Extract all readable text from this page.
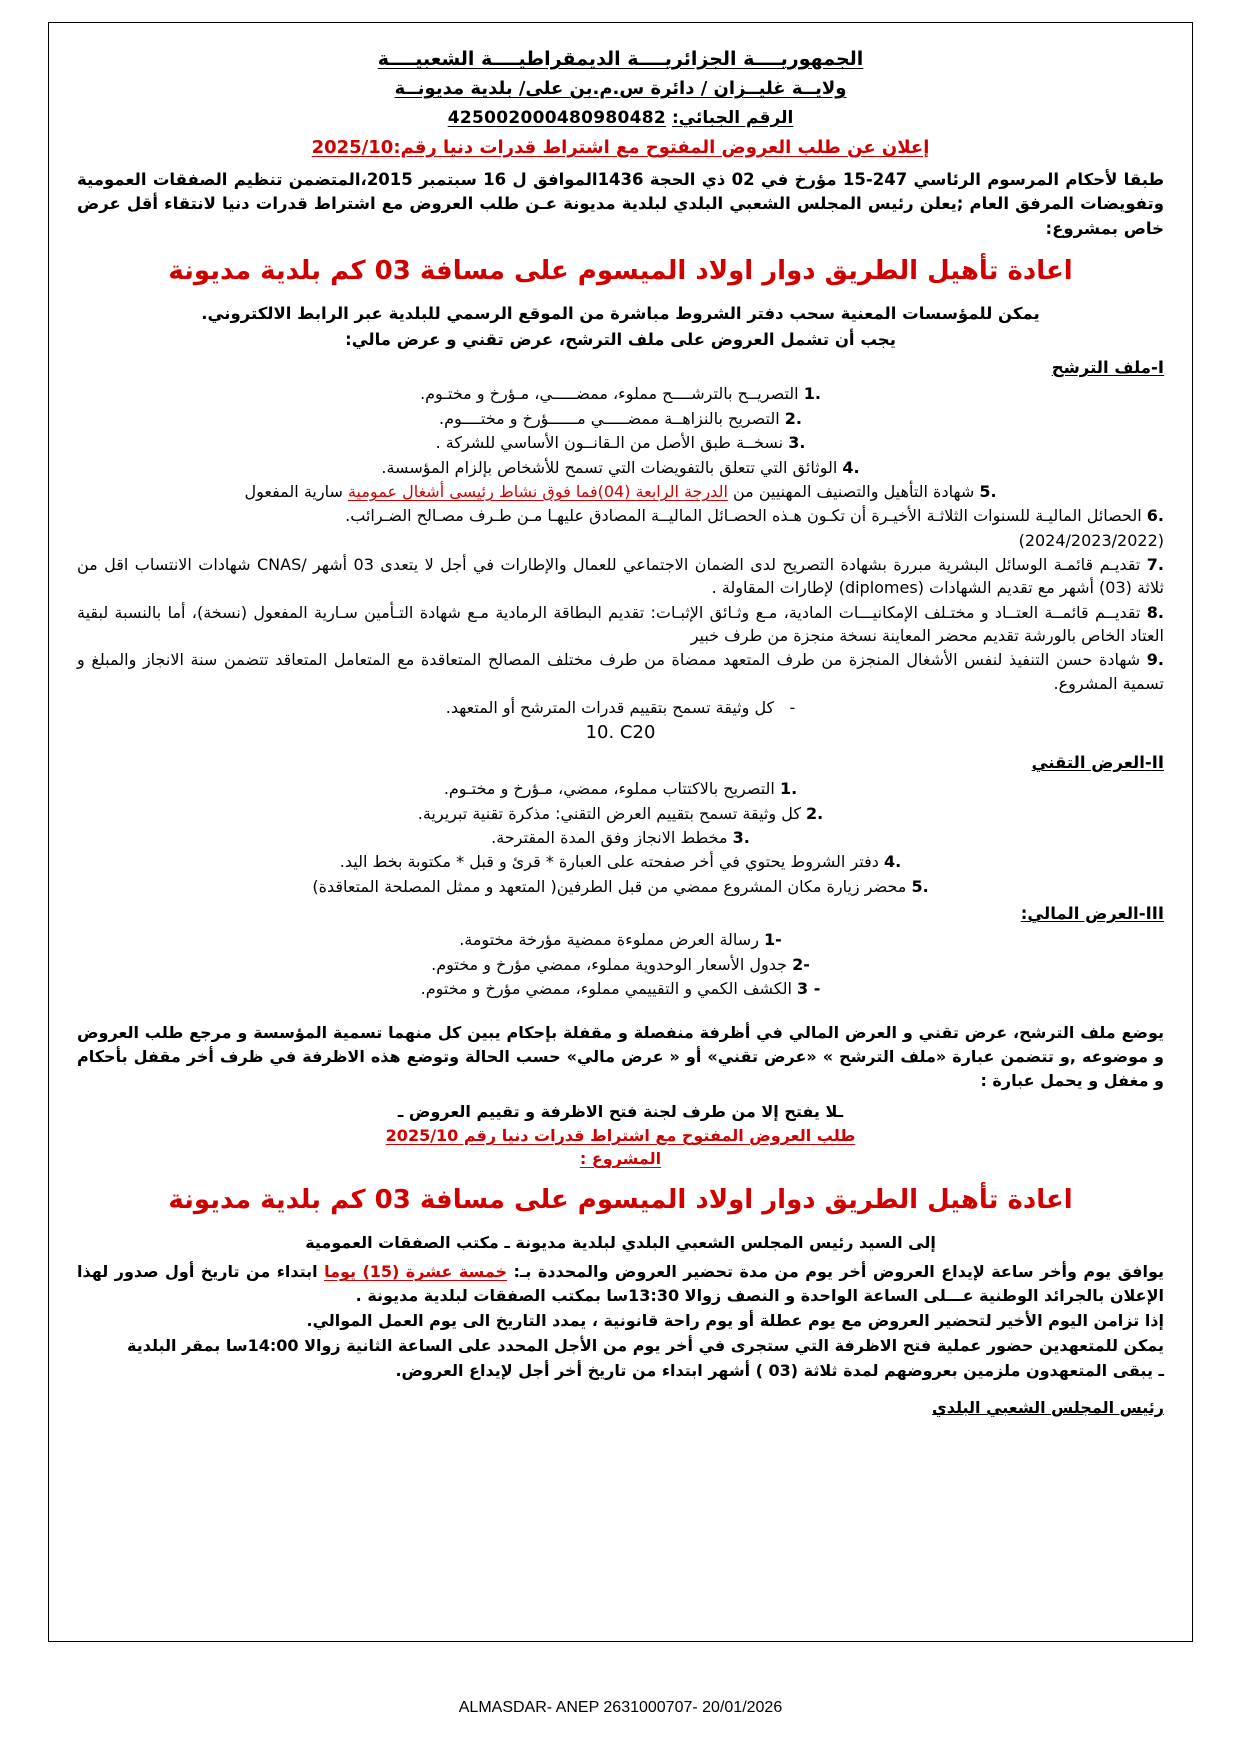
الجمهوريــــة الجزائريــــة الديمقراطيــــة الشعبيــــة
ولايــة غليــزان / دائرة س.م.بن على/ بلدية مديونــة
الرقم الجبائي: 425002000480980482
إعلان عن طلب العروض المفتوح مع اشتراط قدرات دنيا رقم:2025/10

طبقا لأحكام المرسوم الرئاسي 247-15 مؤرخ في 02 ذي الحجة 1436الموافق ل 16 سبتمبر 2015،المتضمن تنظيم الصفقات العمومية وتفويضات المرفق العام ;يعلن رئيس المجلس الشعبي البلدي لبلدية مديونة عـن طلب العروض مع اشتراط قدرات دنيا لانتقاء أقل عرض خاص بمشروع:

اعادة تأهيل الطريق دوار اولاد الميسوم على مسافة 03 كم بلدية مديونة

يمكن للمؤسسات المعنية سحب دفتر الشروط مباشرة من الموقع الرسمي للبلدية عبر الرابط الالكتروني.

يجب أن تشمل العروض على ملف الترشح، عرض تقني و عرض مالي:

I-ملف الترشح
1. التصريــح بالترشــــح مملوء، ممضـــــي، مـؤرخ و مختـوم.
2. التصريح بالنزاهــة ممضـــــي مــــــؤرخ و مختــــوم.
3. نسخــة طبق الأصل من الـقانــون الأساسي للشركة .
4. الوثائق التي تتعلق بالتفويضات التي تسمح للأشخاص بإلزام المؤسسة.
5. شهادة التأهيل والتصنيف المهنيين من الدرجة الرابعة (04)فما فوق نشاط رئيسى أشغال عمومية سارية المفعول
6. الحصائل الماليـة للسنوات الثلاثـة الأخيـرة أن تكـون هـذه الحصـائل الماليــة المصادق عليهـا مـن طـرف مصـالح الضـرائب.
(2024/2023/2022)
7. تقديـم قائمـة الوسائل البشرية مبررة بشهادة التصريح لدى الضمان الاجتماعي للعمال والإطارات في أجل لا يتعدى 03 أشهر /CNAS شهادات الانتساب اقل من ثلاثة (03) أشهر مع تقديم الشهادات (diplomes) لإطارات المقاولة .
8. تقديــم قائمــة العتــاد و مختـلف الإمكانيـــات المادية، مـع وثـائق الإثبـات: تقديم البطاقة الرمادية مـع شهادة التـأمين سـارية المفعول (نسخة)، أما بالنسبة لبقية العتاد الخاص بالورشة تقديم محضر المعاينة نسخة منجزة من طرف خبير
9. شهادة حسن التنفيذ لنفس الأشغال المنجزة من طرف المتعهد ممضاة من طرف مختلف المصالح المتعاقدة مع المتعامل المتعاقد تتضمن سنة الانجاز والمبلغ و تسمية المشروع.
-   كل وثيقة تسمح بتقييم قدرات المترشح أو المتعهد.
10. C20
II-العرض التقني
1. التصريح بالاكتتاب مملوء، ممضي، مـؤرخ و مختـوم.
2. كل وثيقة تسمح بتقييم العرض التقني: مذكرة تقنية تبريرية.
3. مخطط الانجاز وفق المدة المقترحة.
4. دفتر الشروط يحتوي في أخر صفحته على العبارة * قرئ و قبل * مكتوبة بخط اليد.
5. محضر زيارة مكان المشروع ممضي من قبل الطرفين( المتعهد و ممثل المصلحة المتعاقدة)
III-العرض المالي:
1- رسالة العرض مملوءة ممضية مؤرخة مختومة.
2- جدول الأسعار الوحدوية مملوء، ممضي مؤرخ و مختوم.
3 - الكشف الكمي و التقييمي مملوء، ممضي مؤرخ و مختوم.

يوضع ملف الترشح، عرض تقني و العرض المالي في أظرفة منفصلة و مقفلة بإحكام يبين كل منهما تسمية المؤسسة و مرجع طلب العروض و موضوعه ,و تتضمن عبارة «ملف الترشح » «عرض تقني» أو « عرض مالي» حسب الحالة وتوضع هذه الاظرفة في ظرف أخر مقفل بأحكام و مغفل و يحمل عبارة :

ـلا يفتح إلا من طرف لجنة فتح الاظرفة و تقييم العروض ـ
طلب العروض المفتوح مع اشتراط قدرات دنيا رقم 2025/10
المشروع :
اعادة تأهيل الطريق دوار اولاد الميسوم على مسافة 03 كم بلدية مديونة
إلى السيد رئيس المجلس الشعبي البلدي لبلدية مديونة ـ مكتب الصفقات العمومية

يوافق يوم وأخر ساعة لإيداع العروض أخر يوم من مدة تحضير العروض والمحددة بـ: خمسة عشرة (15) يوما ابتداء من تاريخ أول صدور لهذا الإعلان بالجرائد الوطنية عـــلى الساعة الواحدة و النصف زوالا 13:30سا بمكتب الصفقات لبلدية مديونة .

إذا تزامن اليوم الأخير لتحضير العروض مع يوم عطلة أو يوم راحة قانونية ، يمدد التاريخ الى يوم العمل الموالي.

يمكن للمتعهدين حضور عملية فتح الاظرفة التي ستجرى في أخر يوم من الأجل المحدد على الساعة الثانية زوالا 14:00سا بمقر البلدية

ـ يبقى المتعهدون ملزمين بعروضهم لمدة ثلاثة (03 ) أشهر ابتداء من تاريخ أخر أجل لإيداع العروض.

رئيس المجلس الشعبي البلدي
ALMASDAR- ANEP 2631000707- 20/01/2026
